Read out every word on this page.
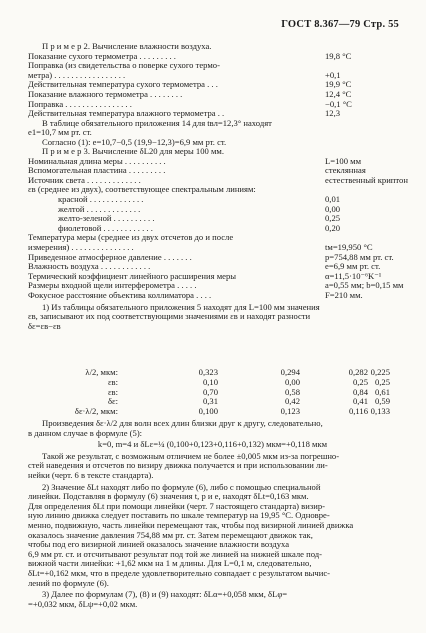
ГОСТ 8.367—79 Стр. 55
П р и м е р 2. Вычисление влажности воздуха.
Показание сухого термометра . . . . . . . . .	19,8 °С
Поправка (из свидетельства о поверке сухого термо-
метра) . . . . . . . . . . . . . . . . .	+0,1
Действительная температура сухого термометра . . .	19,9 °С
Показание влажного термометра . . . . . . . .	12,4 °С
Поправка . . . . . . . . . . . . . . . .	−0,1 °С
Действительная температура влажного термометра . .	12,3
В таблице обязательного приложения 14 для tвл=12,3° находят
e1=10,7 мм рт. ст.
Согласно (1): e=10,7−0,5 (19,9−12,3)=6,9 мм рт. ст.
П р и м е р 3. Вычисление δL20 для меры 100 мм.
Номинальная длина меры . . . . . . . . . .	L=100 мм
Вспомогательная пластина . . . . . . . . .	стеклянная
Источник света . . . . . . . . . . . . .	естественный криптон
εв (среднее из двух), соответствующее спектральным линиям:
красной . . . . . . . . . . . . .	0,01
желтой . . . . . . . . . . . . .	0,00
желто-зеленой . . . . . . . . . .	0,25
фиолетовой . . . . . . . . . . . .	0,20
Температура меры (среднее из двух отсчетов до и после
измерения) . . . . . . . . . . . . . . .	tм=19,950 °С
Приведенное атмосферное давление . . . . . . .	p=754,88 мм рт. ст.
Влажность воздуха . . . . . . . . . . . .	e=6,9 мм рт. ст.
Термический коэффициент линейного расширения меры	α=11,5·10⁻⁶K⁻¹
Размеры входной щели интерферометра . . . . .	a=0,55 мм; b=0,15 мм
Фокусное расстояние объектива коллиматора . . . .	F=210 мм.
1) Из таблицы обязательного приложения 5 находят для L=100 мм значения
εв, записывают их под соответствующими значениями εв и находят разности
δε=εв−εв
λ/2, мкм:	0,323	0,294	0,282 0,225
εв:	0,10	0,00	0,25 0,25
εв:	0,70	0,58	0,84 0,61
δε:	0,31	0,42	0,41 0,59
δε·λ/2, мкм:	0,100	0,123	0,116 0,133
Произведения δε·λ/2 для волн всех длин близки друг к другу, следовательно,
в данном случае в формуле (5):
k=0, m=4 и δLε=¼ (0,100+0,123+0,116+0,132) мкм=+0,118 мкм
Такой же результат, с возможным отличием не более ±0,005 мкм из-за погрешно-
стей наведения и отсчетов по визиру движка получается и при использовании ли-
нейки (черт. 6 в тексте стандарта).
2) Значение δLt находят либо по формуле (6), либо с помощью специальной
линейки. Подставляя в формулу (6) значения t, p и e, находят δLt=0,163 мкм.
Для определения δLt при помощи линейки (черт. 7 настоящего стандарта) визир-
ную линию движка следует поставить по шкале температур на 19,95 °С. Одновре-
менно, подвижную, часть линейки перемещают так, чтобы под визирной линией движка
оказалось значение давления 754,88 мм рт. ст. Затем перемещают движок так,
чтобы под его визирной линией оказалось значение влажности воздуха
6,9 мм рт. ст. и отсчитывают результат под той же линией на нижней шкале под-
вижной части линейки: +1,62 мкм на 1 м длины. Для L=0,1 м, следовательно,
δLt=+0,162 мкм, что в пределе удовлетворительно совпадает с результатом вычис-
лений по формуле (6).
3) Далее по формулам (7), (8) и (9) находят: δLα=+0,058 мкм, δLφ=
=+0,032 мкм, δLψ=+0,02 мкм.
